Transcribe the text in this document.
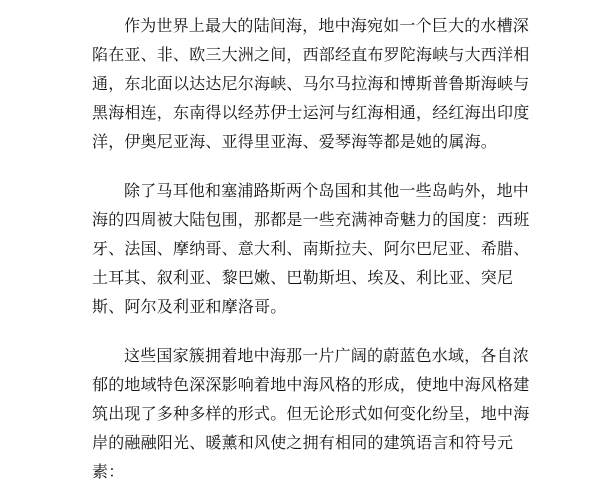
作为世界上最大的陆间海，地中海宛如一个巨大的水槽深陷在亚、非、欧三大洲之间，西部经直布罗陀海峡与大西洋相通，东北面以达达尼尔海峡、马尔马拉海和博斯普鲁斯海峡与黑海相连，东南得以经苏伊士运河与红海相通，经红海出印度洋，伊奥尼亚海、亚得里亚海、爱琴海等都是她的属海。

除了马耳他和塞浦路斯两个岛国和其他一些岛屿外，地中海的四周被大陆包围，那都是一些充满神奇魅力的国度：西班牙、法国、摩纳哥、意大利、南斯拉夫、阿尔巴尼亚、希腊、土耳其、叙利亚、黎巴嫩、巴勒斯坦、埃及、利比亚、突尼斯、阿尔及利亚和摩洛哥。

这些国家簇拥着地中海那一片广阔的蔚蓝色水域，各自浓郁的地域特色深深影响着地中海风格的形成，使地中海风格建筑出现了多种多样的形式。但无论形式如何变化纷呈，地中海岸的融融阳光、暖薰和风使之拥有相同的建筑语言和符号元素：
